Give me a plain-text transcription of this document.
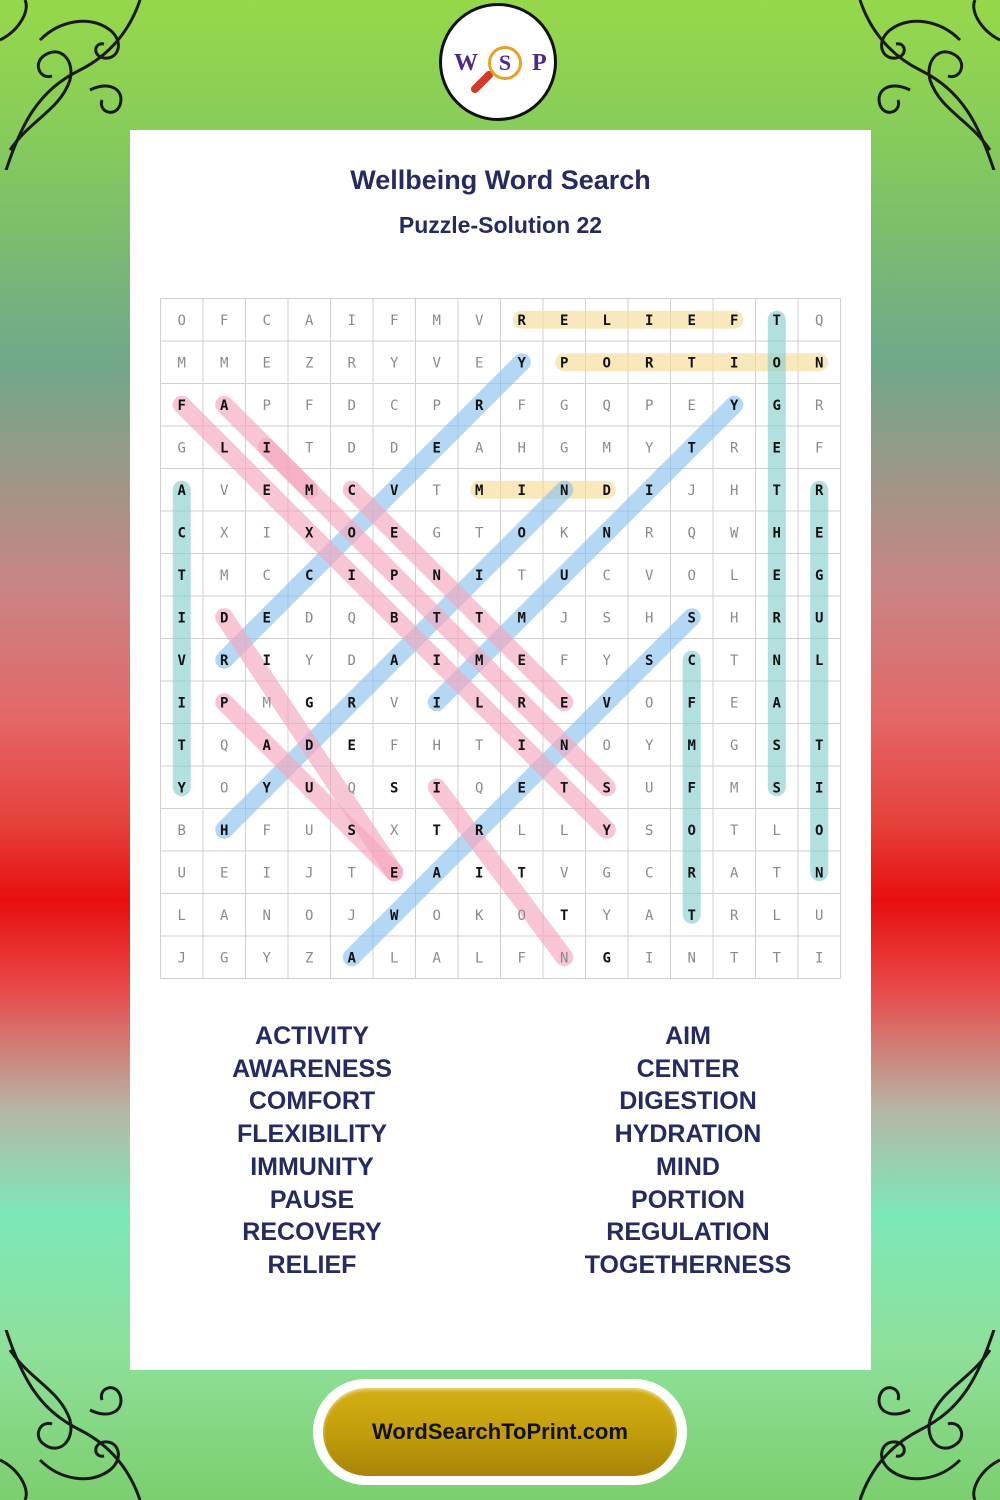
W S P
Wellbeing Word Search
Puzzle-Solution 22
O F C A I F M V R E L I E F T Q
M M E Z R Y V E Y P O R T I O N
F A P F D C P R F G Q P E Y G R
G L I T D D E A H G M Y T R E F
A V E M C V T M I N D I J H T R
C X I X O E G T O K N R Q W H E
T M C C I P N I T U C V O L E G
I D E D Q B T T M J S H S H R U
V R I Y D A I M E F Y S C T N L
I P M G R V I L R E V O F E A
T Q A D E F H T I N O Y M G S T
Y O Y U Q S I Q E T S U F M S I
B H F U S X T R L L Y S O T L O
U E I J T E A I T V G C R A T N
L A N O J W O K O T Y A T R L U
J G Y Z A L A L F N G I N T T I
ACTIVITY
AWARENESS
COMFORT
FLEXIBILITY
IMMUNITY
PAUSE
RECOVERY
RELIEF
AIM
CENTER
DIGESTION
HYDRATION
MIND
PORTION
REGULATION
TOGETHERNESS
WordSearchToPrint.com
